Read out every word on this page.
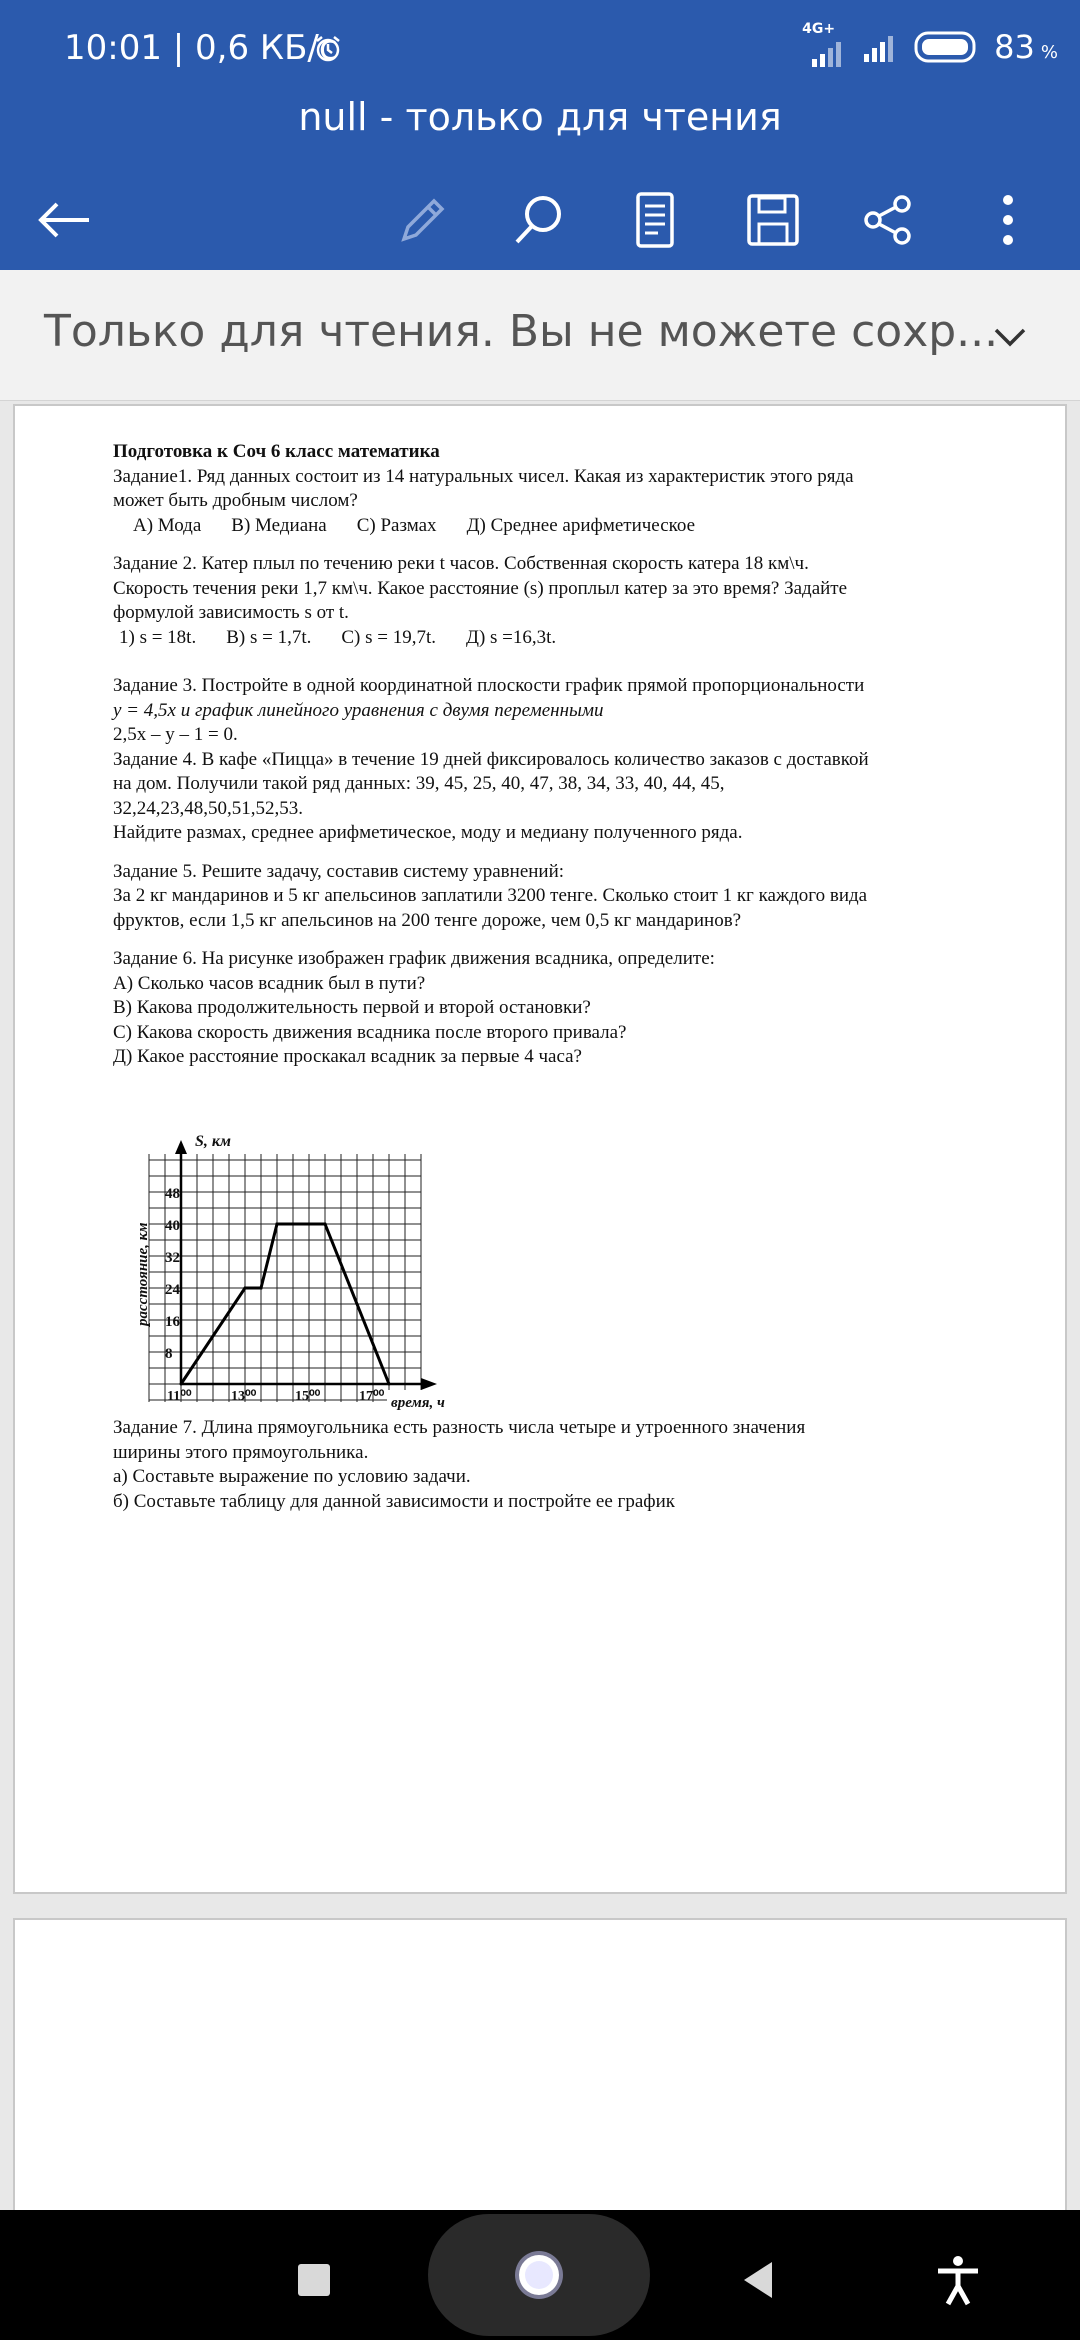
10:01 | 0,6 КБ/с	4G+	83 %
null - только для чтения
Только для чтения. Вы не можете сохр...

Подготовка к Соч 6 класс математика

Задание1. Ряд данных состоит из 14 натуральных чисел. Какая из характеристик этого ряда

может быть дробным числом?

А) Мода В) Медиана С) Размах Д) Среднее арифметическое

Задание 2. Катер плыл по течению реки t часов. Собственная скорость катера 18 км\ч.

Скорость течения реки 1,7 км\ч. Какое расстояние (s) проплыл катер за это время? Задайте

формулой зависимость s от t.

1) s = 18t. В) s = 1,7t. С) s = 19,7t. Д) s =16,3t.

Задание 3. Постройте в одной координатной плоскости график прямой пропорциональности

y = 4,5x и график линейного уравнения с двумя переменными

2,5x – y – 1 = 0.

Задание 4. В кафе «Пицца» в течение 19 дней фиксировалось количество заказов с доставкой

на дом. Получили такой ряд данных: 39, 45, 25, 40, 47, 38, 34, 33, 40, 44, 45,

32,24,23,48,50,51,52,53.

Найдите размах, среднее арифметическое, моду и медиану полученного ряда.

Задание 5. Решите задачу, составив систему уравнений:

За 2 кг мандаринов и 5 кг апельсинов заплатили 3200 тенге. Сколько стоит 1 кг каждого вида

фруктов, если 1,5 кг апельсинов на 200 тенге дороже, чем 0,5 кг мандаринов?

Задание 6. На рисунке изображен график движения всадника, определите:

А) Сколько часов всадник был в пути?

В) Какова продолжительность первой и второй остановки?

С) Какова скорость движения всадника после второго привала?

Д) Какое расстояние проскакал всадник за первые 4 часа?

48
40
32
24
16
8
11⁰⁰	13⁰⁰	15⁰⁰	17⁰⁰
S, км
расстояние, км
время, ч

Задание 7. Длина прямоугольника есть разность числа четыре и утроенного значения

ширины этого прямоугольника.

а) Составьте выражение по условию задачи.

б) Составьте таблицу для данной зависимости и постройте ее график
